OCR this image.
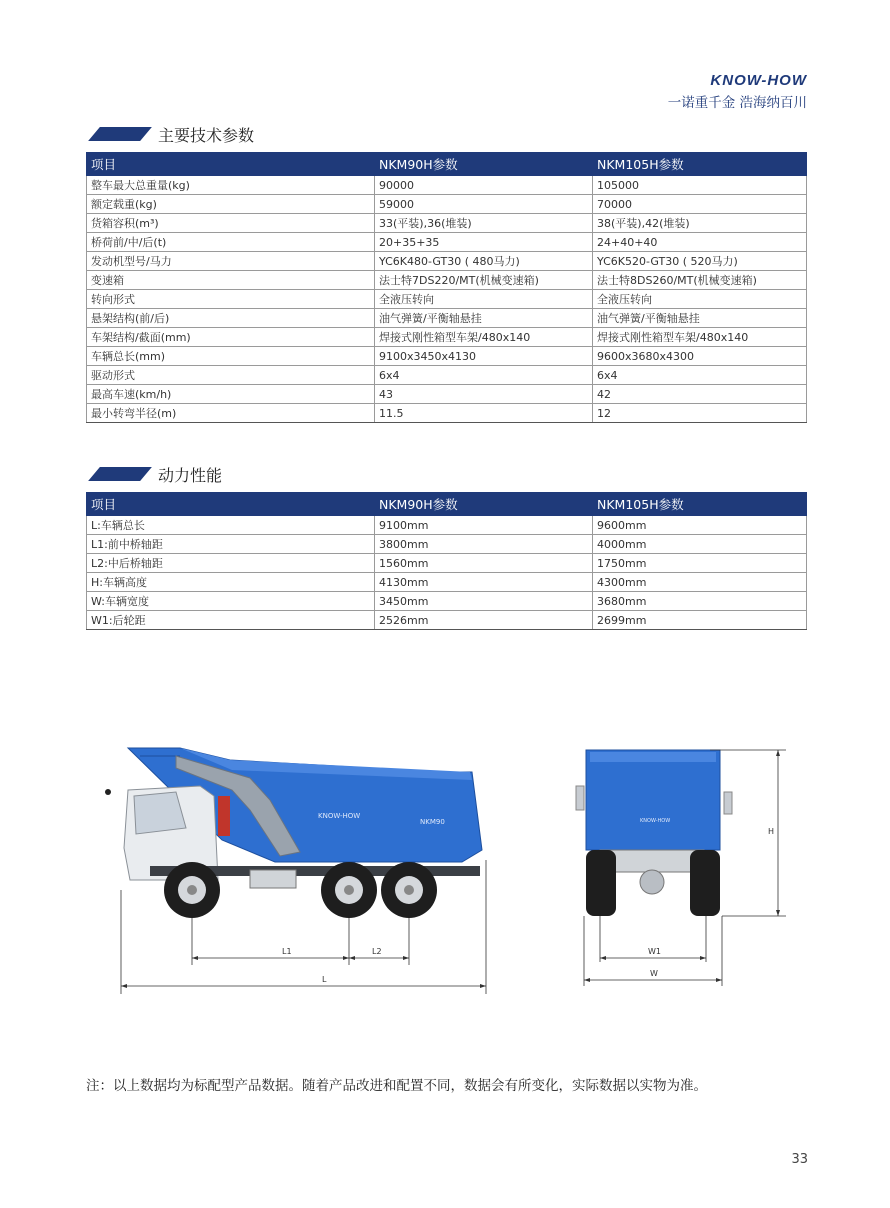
KNOW-HOW
一诺重千金 浩海纳百川
主要技术参数
项目	NKM90H参数	NKM105H参数
整车最大总重量(kg)	90000	105000
额定载重(kg)	59000	70000
货箱容积(m³)	33(平装),36(堆装)	38(平装),42(堆装)
桥荷前/中/后(t)	20+35+35	24+40+40
发动机型号/马力	YC6K480-GT30 ( 480马力)	YC6K520-GT30 ( 520马力)
变速箱	法士特7DS220/MT(机械变速箱)	法士特8DS260/MT(机械变速箱)
转向形式	全液压转向	全液压转向
悬架结构(前/后)	油气弹簧/平衡轴悬挂	油气弹簧/平衡轴悬挂
车架结构/截面(mm)	焊接式刚性箱型车架/480x140	焊接式刚性箱型车架/480x140
车辆总长(mm)	9100x3450x4130	9600x3680x4300
驱动形式	6x4	6x4
最高车速(km/h)	43	42
最小转弯半径(m)	11.5	12
动力性能
项目	NKM90H参数	NKM105H参数
L:车辆总长	9100mm	9600mm
L1:前中桥轴距	3800mm	4000mm
L2:中后桥轴距	1560mm	1750mm
H:车辆高度	4130mm	4300mm
W:车辆宽度	3450mm	3680mm
W1:后轮距	2526mm	2699mm
KNOW-HOW
NKM90
L1	L2
L
KNOW-HOW
W1
W
H
注：以上数据均为标配型产品数据。随着产品改进和配置不同，数据会有所变化，实际数据以实物为准。
33
